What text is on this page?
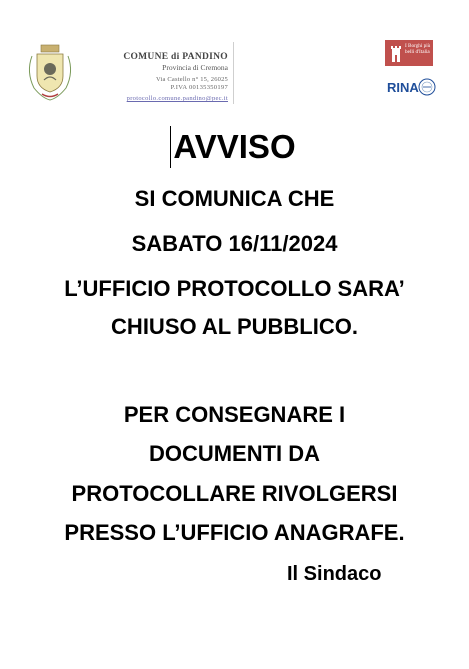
COMUNE di PANDINO
Provincia di Cremona
Via Castello n° 15, 26025
P.IVA 00135350197
protocollo.comune.pandino@pec.it
I Borghi più belli d'Italia
RINA
AVVISO
SI COMUNICA CHE
SABATO 16/11/2024
L’UFFICIO PROTOCOLLO SARA’
CHIUSO AL PUBBLICO.
PER CONSEGNARE I
DOCUMENTI DA
PROTOCOLLARE RIVOLGERSI
PRESSO L’UFFICIO ANAGRAFE.
Il Sindaco
